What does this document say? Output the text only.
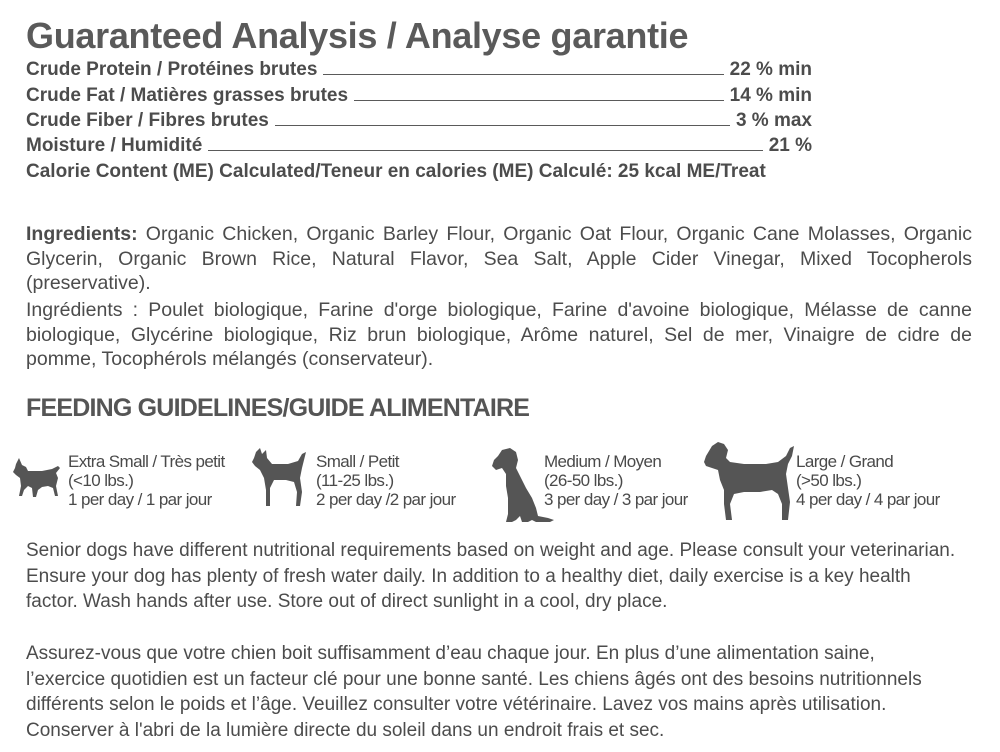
Guaranteed Analysis / Analyse garantie
Crude Protein / Protéines brutes	22 % min
Crude Fat / Matières grasses brutes	14 % min
Crude Fiber / Fibres brutes	3 % max
Moisture / Humidité	21 %
Calorie Content (ME) Calculated/Teneur en calories (ME) Calculé: 25 kcal ME/Treat

Ingredients: Organic Chicken, Organic Barley Flour, Organic Oat Flour, Organic Cane Molasses, Organic Glycerin, Organic Brown Rice, Natural Flavor, Sea Salt, Apple Cider Vinegar, Mixed Tocopherols (preservative).

Ingrédients : Poulet biologique, Farine d'orge biologique, Farine d'avoine biologique, Mélasse de canne biologique, Glycérine biologique, Riz brun biologique, Arôme naturel, Sel de mer, Vinaigre de cidre de pomme, Tocophérols mélangés (conservateur).

FEEDING GUIDELINES/GUIDE ALIMENTAIRE
Extra Small / Très petit
(<10 lbs.)
1 per day / 1 par jour
Small / Petit
(11-25 lbs.)
2 per day /2 par jour
Medium / Moyen
(26-50 lbs.)
3 per day / 3 par jour
Large / Grand
(>50 lbs.)
4 per day / 4 par jour

Senior dogs have different nutritional requirements based on weight and age. Please consult your veterinarian. Ensure your dog has plenty of fresh water daily. In addition to a healthy diet, daily exercise is a key health factor. Wash hands after use. Store out of direct sunlight in a cool, dry place.

Assurez-vous que votre chien boit suffisamment d’eau chaque jour. En plus d’une alimentation saine, l’exercice quotidien est un facteur clé pour une bonne santé. Les chiens âgés ont des besoins nutritionnels différents selon le poids et l’âge. Veuillez consulter votre vétérinaire. Lavez vos mains après utilisation. Conserver à l'abri de la lumière directe du soleil dans un endroit frais et sec.
